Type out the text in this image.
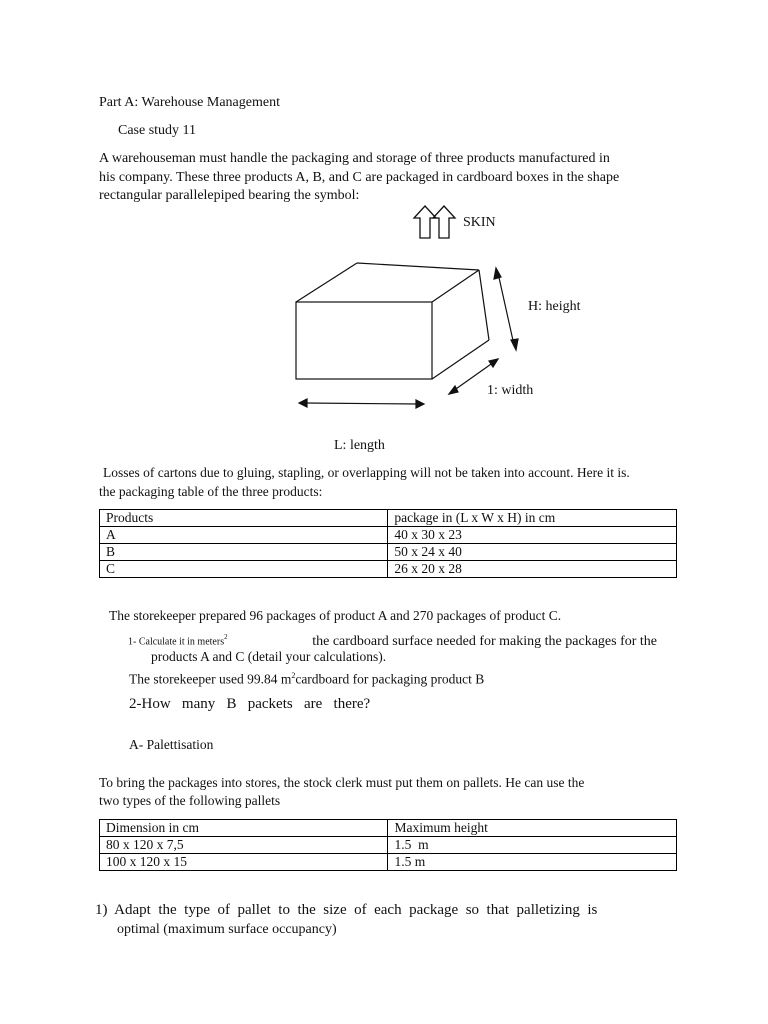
Part A: Warehouse Management
Case study 11
A warehouseman must handle the packaging and storage of three products manufactured in
his company. These three products A, B, and C are packaged in cardboard boxes in the shape
rectangular parallelepiped bearing the symbol:
SKIN
H: height
1: width
L: length
Losses of cartons due to gluing, stapling, or overlapping will not be taken into account. Here it is.
the packaging table of the three products:
Products	package in (L x W x H) in cm
A	40 x 30 x 23
B	50 x 24 x 40
C	26 x 20 x 28
The storekeeper prepared 96 packages of product A and 270 packages of product C.
1- Calculate it in meters$^2$	the cardboard surface needed for making the packages for the
products A and C (detail your calculations).
The storekeeper used 99.84 $m^2cardboard$ for packaging product B
2-How   many   B   packets   are   there?
A- Palettisation
To bring the packages into stores, the stock clerk must put them on pallets. He can use the
two types of the following pallets
Dimension in cm	Maximum height
80 x 120 x 7,5	1.5  m
100 x 120 x 15	1.5 m
1)  Adapt  the  type  of  pallet  to  the  size  of  each  package  so  that  palletizing  is
optimal (maximum surface occupancy)
